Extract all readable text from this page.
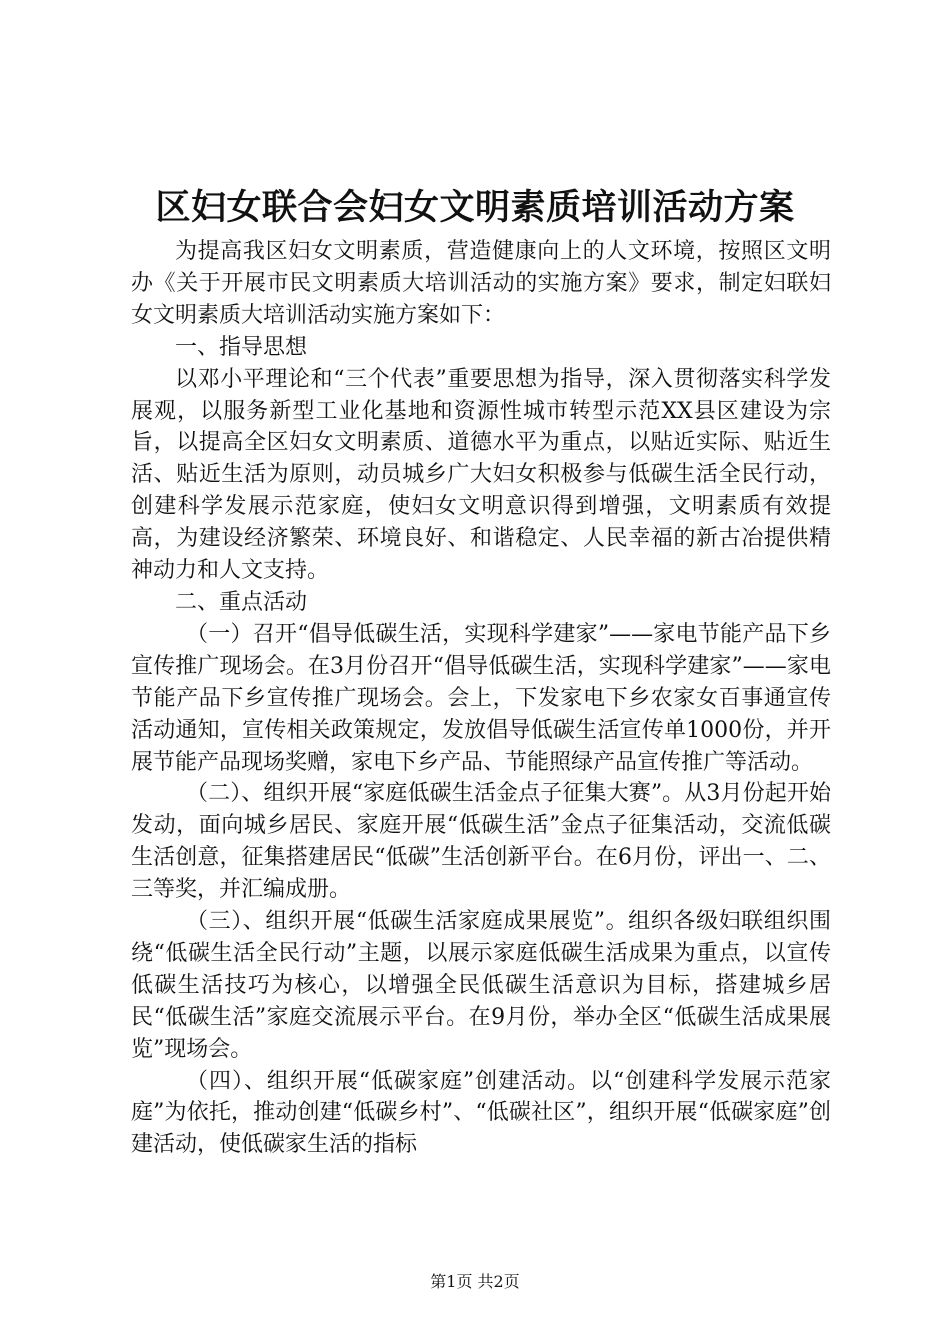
区妇女联合会妇女文明素质培训活动方案

为提高我区妇女文明素质，营造健康向上的人文环境，按照区文明办《关于开展市民文明素质大培训活动的实施方案》要求，制定妇联妇女文明素质大培训活动实施方案如下：

一、指导思想

以邓小平理论和“三个代表”重要思想为指导，深入贯彻落实科学发展观，以服务新型工业化基地和资源性城市转型示范XX县区建设为宗旨，以提高全区妇女文明素质、道德水平为重点，以贴近实际、贴近生活、贴近生活为原则，动员城乡广大妇女积极参与低碳生活全民行动，创建科学发展示范家庭，使妇女文明意识得到增强，文明素质有效提高，为建设经济繁荣、环境良好、和谐稳定、人民幸福的新古冶提供精神动力和人文支持。

二、重点活动

（一）召开“倡导低碳生活，实现科学建家”——家电节能产品下乡宣传推广现场会。在3月份召开“倡导低碳生活，实现科学建家”——家电节能产品下乡宣传推广现场会。会上，下发家电下乡农家女百事通宣传活动通知，宣传相关政策规定，发放倡导低碳生活宣传单1000份，并开展节能产品现场奖赠，家电下乡产品、节能照绿产品宣传推广等活动。

（二）、组织开展“家庭低碳生活金点子征集大赛”。从3月份起开始发动，面向城乡居民、家庭开展“低碳生活”金点子征集活动，交流低碳生活创意，征集搭建居民“低碳”生活创新平台。在6月份，评出一、二、三等奖，并汇编成册。

（三）、组织开展“低碳生活家庭成果展览”。组织各级妇联组织围绕“低碳生活全民行动”主题，以展示家庭低碳生活成果为重点，以宣传低碳生活技巧为核心，以增强全民低碳生活意识为目标，搭建城乡居民“低碳生活”家庭交流展示平台。在9月份，举办全区“低碳生活成果展览”现场会。

（四）、组织开展“低碳家庭”创建活动。以“创建科学发展示范家庭”为依托，推动创建“低碳乡村”、“低碳社区”，组织开展“低碳家庭”创建活动，使低碳家生活的指标

第1页 共2页
